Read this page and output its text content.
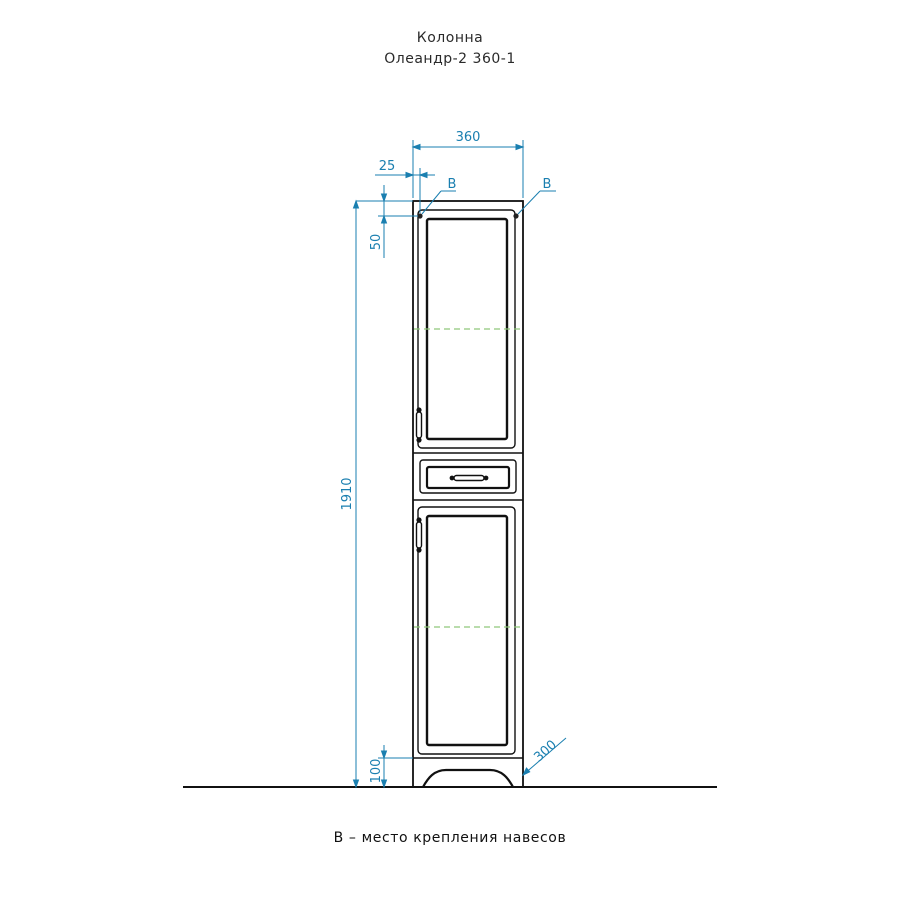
Колонна
Олеандр-2 360-1
360
25
50
1910
100
300
В	В
В – место крепления навесов
